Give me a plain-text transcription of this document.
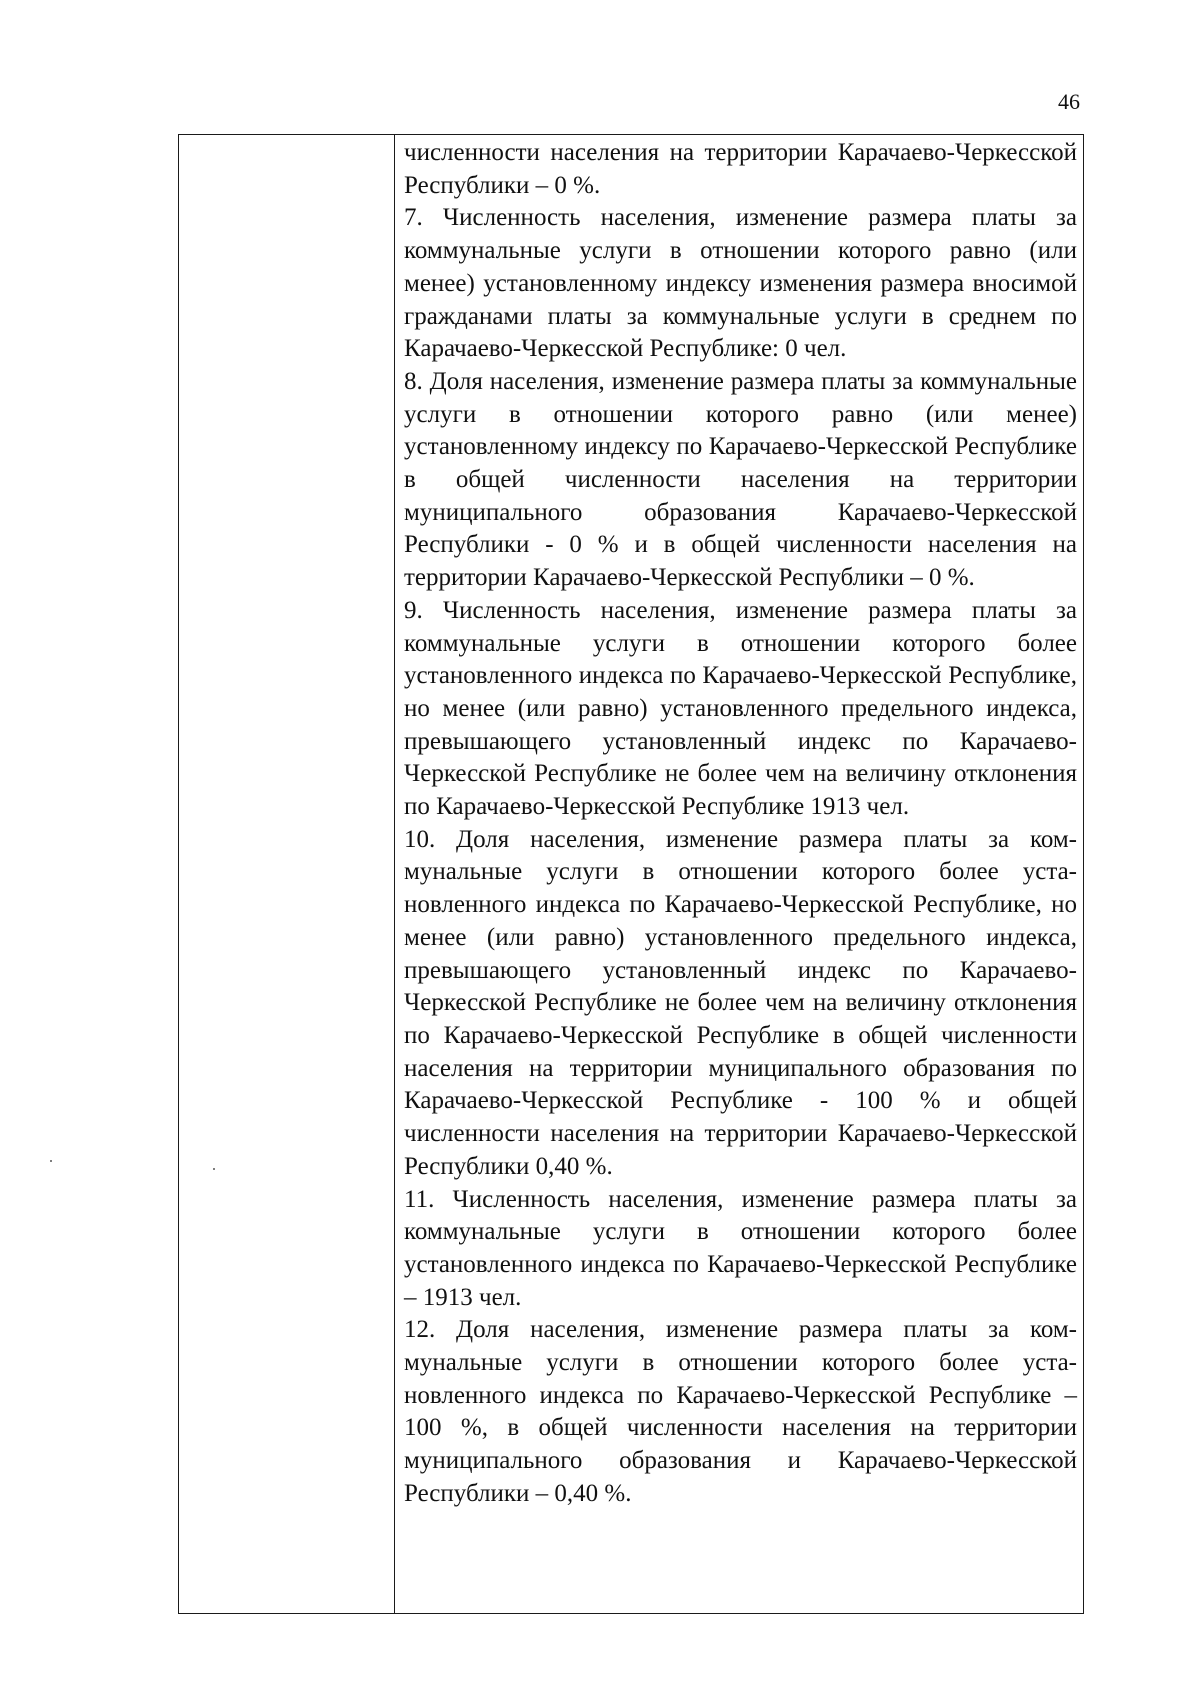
46

численности населения на территории Карачаево-Черкесской Республики – 0 %.

7. Численность населения, изменение размера платы за коммунальные услуги в отношении которого равно (или менее) установленному индексу изменения размера вносимой гражданами платы за коммунальные услуги в среднем по Карачаево-Черкесской Республике: 0 чел.

8. Доля населения, изменение размера платы за коммунальные услуги в отношении которого равно (или менее) установленному индексу по Карачаево-Черкесской Республике в общей численности населения на территории муниципального образования Карачаево-Черкесской Республики - 0 % и в общей численности населения на территории Карачаево-Черкесской Республики – 0 %.

9. Численность населения, изменение размера платы за коммунальные услуги в отношении которого более установленного индекса по Карачаево-Черкесской Республике, но менее (или равно) установленного предельного индекса, превышающего установленный индекс по Карачаево-Черкесской Республике не более чем на величину отклонения по Карачаево-Черкесской Республике 1913 чел.

10. Доля населения, изменение размера платы за коммунальные услуги в отношении которого более установленного индекса по Карачаево-Черкесской Республике, но менее (или равно) установленного предельного индекса, превышающего установленный индекс по Карачаево-Черкесской Республике не более чем на величину отклонения по Карачаево-Черкесской Республике в общей численности населения на территории муниципального образования по Карачаево-Черкесской Республике - 100 % и общей численности населения на территории Карачаево-Черкесской Республики 0,40 %.

11. Численность населения, изменение размера платы за коммунальные услуги в отношении которого более установленного индекса по Карачаево-Черкесской Республике – 1913 чел.

12. Доля населения, изменение размера платы за коммунальные услуги в отношении которого более установленного индекса по Карачаево-Черкесской Республике – 100 %, в общей численности населения на территории муниципального образования и Карачаево-Черкесской Республики – 0,40 %.
